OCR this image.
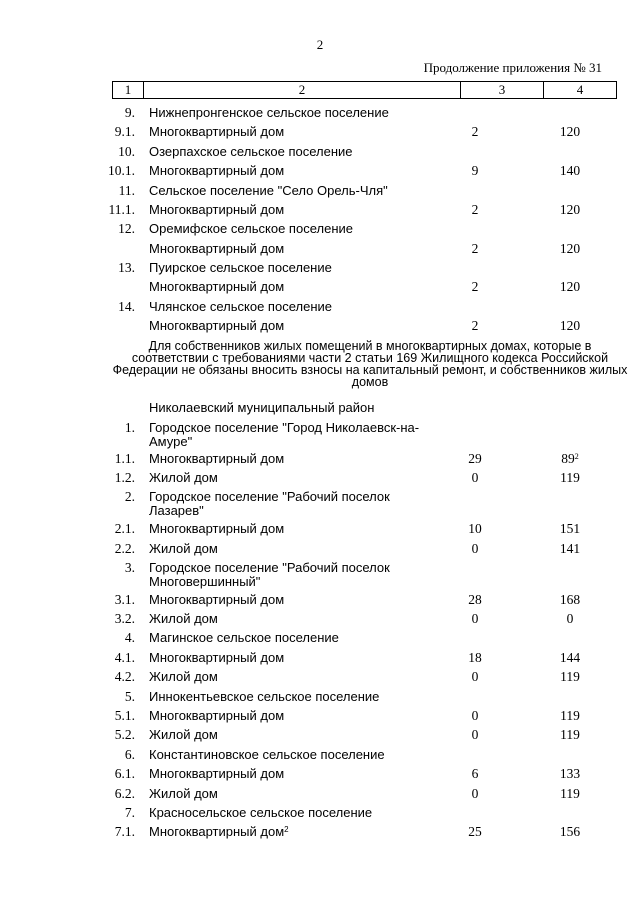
2
Продолжение приложения № 31
1	2	3	4
9. Нижнепронгенское сельское поселение
9.1. Многоквартирный дом	2	120
10. Озерпахское сельское поселение
10.1. Многоквартирный дом	9	140
11. Сельское поселение "Село Орель-Чля"
11.1. Многоквартирный дом	2	120
12. Оремифское сельское поселение
Многоквартирный дом	2	120
13. Пуирское сельское поселение
Многоквартирный дом	2	120
14. Члянское сельское поселение
Многоквартирный дом	2	120
Для собственников жилых помещений в многоквартирных домах, которые в соответствии с требованиями части 2 статьи 169 Жилищного кодекса Российской Федерации не обязаны вносить взносы на капитальный ремонт, и собственников жилых домов
Николаевский муниципальный район
1. Городское поселение "Город Николаевск-на-Амуре"
1.1. Многоквартирный дом	29	$89^2$
1.2. Жилой дом	0	119
2. Городское поселение "Рабочий поселок Лазарев"
2.1. Многоквартирный дом	10	151
2.2. Жилой дом	0	141
3. Городское поселение "Рабочий поселок Многовершинный"
3.1. Многоквартирный дом	28	168
3.2. Жилой дом	0	0
4. Магинское сельское поселение
4.1. Многоквартирный дом	18	144
4.2. Жилой дом	0	119
5. Иннокентьевское сельское поселение
5.1. Многоквартирный дом	0	119
5.2. Жилой дом	0	119
6. Константиновское сельское поселение
6.1. Многоквартирный дом	6	133
6.2. Жилой дом	0	119
7. Красносельское сельское поселение
7.1. Многоквартирный дом$^2$	25	156
